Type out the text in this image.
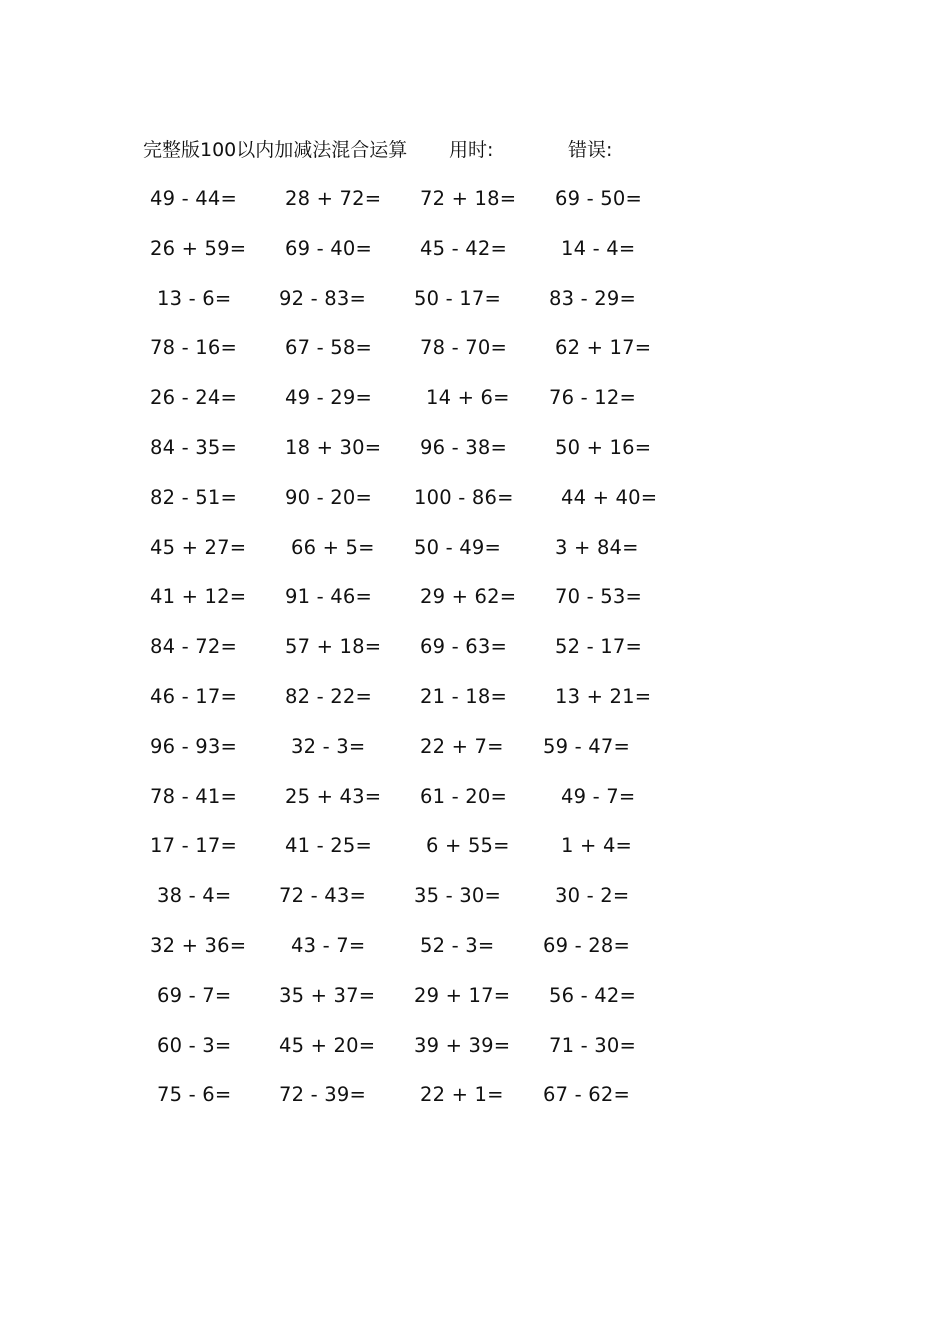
完整版100以内加减法混合运算 用时:	错误:
49 - 44= 28 + 72= 72 + 18= 69 - 50=
26 + 59= 69 - 40= 45 - 42=	14 - 4=
13 - 6= 92 - 83= 50 - 17= 83 - 29=
78 - 16= 67 - 58= 78 - 70= 62 + 17=
26 - 24= 49 - 29=	14 + 6= 76 - 12=
84 - 35= 18 + 30= 96 - 38= 50 + 16=
82 - 51= 90 - 20= 100 - 86= 44 + 40=
45 + 27= 66 + 5= 50 - 49=	3 + 84=
41 + 12= 91 - 46= 29 + 62= 70 - 53=
84 - 72= 57 + 18= 69 - 63= 52 - 17=
46 - 17= 82 - 22= 21 - 18= 13 + 21=
96 - 93=	32 - 3=	22 + 7= 59 - 47=
78 - 41= 25 + 43= 61 - 20=	49 - 7=
17 - 17= 41 - 25=	6 + 55=	1 + 4=
38 - 4= 72 - 43= 35 - 30=	30 - 2=
32 + 36= 43 - 7=	52 - 3= 69 - 28=
69 - 7= 35 + 37= 29 + 17= 56 - 42=
60 - 3= 45 + 20= 39 + 39= 71 - 30=
75 - 6= 72 - 39=	22 + 1= 67 - 62=
